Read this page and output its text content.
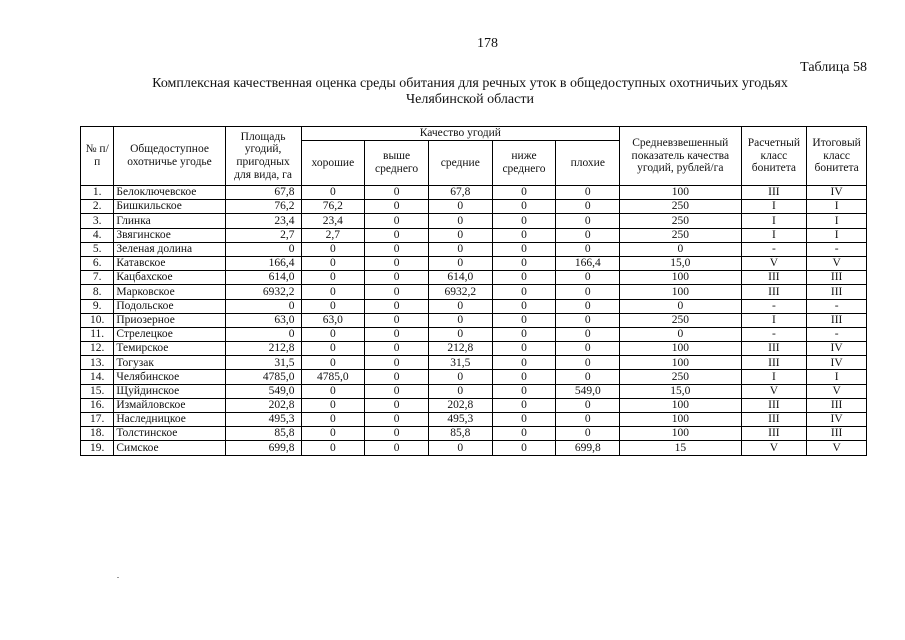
178
Таблица 58
Комплексная качественная оценка среды обитания для речных уток в общедоступных охотничьих угодьях Челябинской области
№ п/п	Общедоступное охотничье угодье	Площадь угодий, пригодных для вида, га	Качество угодий					Средневзвешенный показатель качества угодий, рублей/га	Расчетный класс бонитета	Итоговый класс бонитета
			хорошие	выше среднего	средние	ниже среднего	плохие			
1.	Белоключевское	67,8	0	0	67,8	0	0	100	III	IV
2.	Бишкильское	76,2	76,2	0	0	0	0	250	I	I
3.	Глинка	23,4	23,4	0	0	0	0	250	I	I
4.	Звягинское	2,7	2,7	0	0	0	0	250	I	I
5.	Зеленая долина	0	0	0	0	0	0	0	-	-
6.	Катавское	166,4	0	0	0	0	166,4	15,0	V	V
7.	Кацбахское	614,0	0	0	614,0	0	0	100	III	III
8.	Марковское	6932,2	0	0	6932,2	0	0	100	III	III
9.	Подольское	0	0	0	0	0	0	0	-	-
10.	Приозерное	63,0	63,0	0	0	0	0	250	I	III
11.	Стрелецкое	0	0	0	0	0	0	0	-	-
12.	Темирское	212,8	0	0	212,8	0	0	100	III	IV
13.	Тогузак	31,5	0	0	31,5	0	0	100	III	IV
14.	Челябинское	4785,0	4785,0	0	0	0	0	250	I	I
15.	Щуйдинское	549,0	0	0	0	0	549,0	15,0	V	V
16.	Измайловское	202,8	0	0	202,8	0	0	100	III	III
17.	Наследницкое	495,3	0	0	495,3	0	0	100	III	IV
18.	Толстинское	85,8	0	0	85,8	0	0	100	III	III
19.	Симское	699,8	0	0	0	0	699,8	15	V	V
